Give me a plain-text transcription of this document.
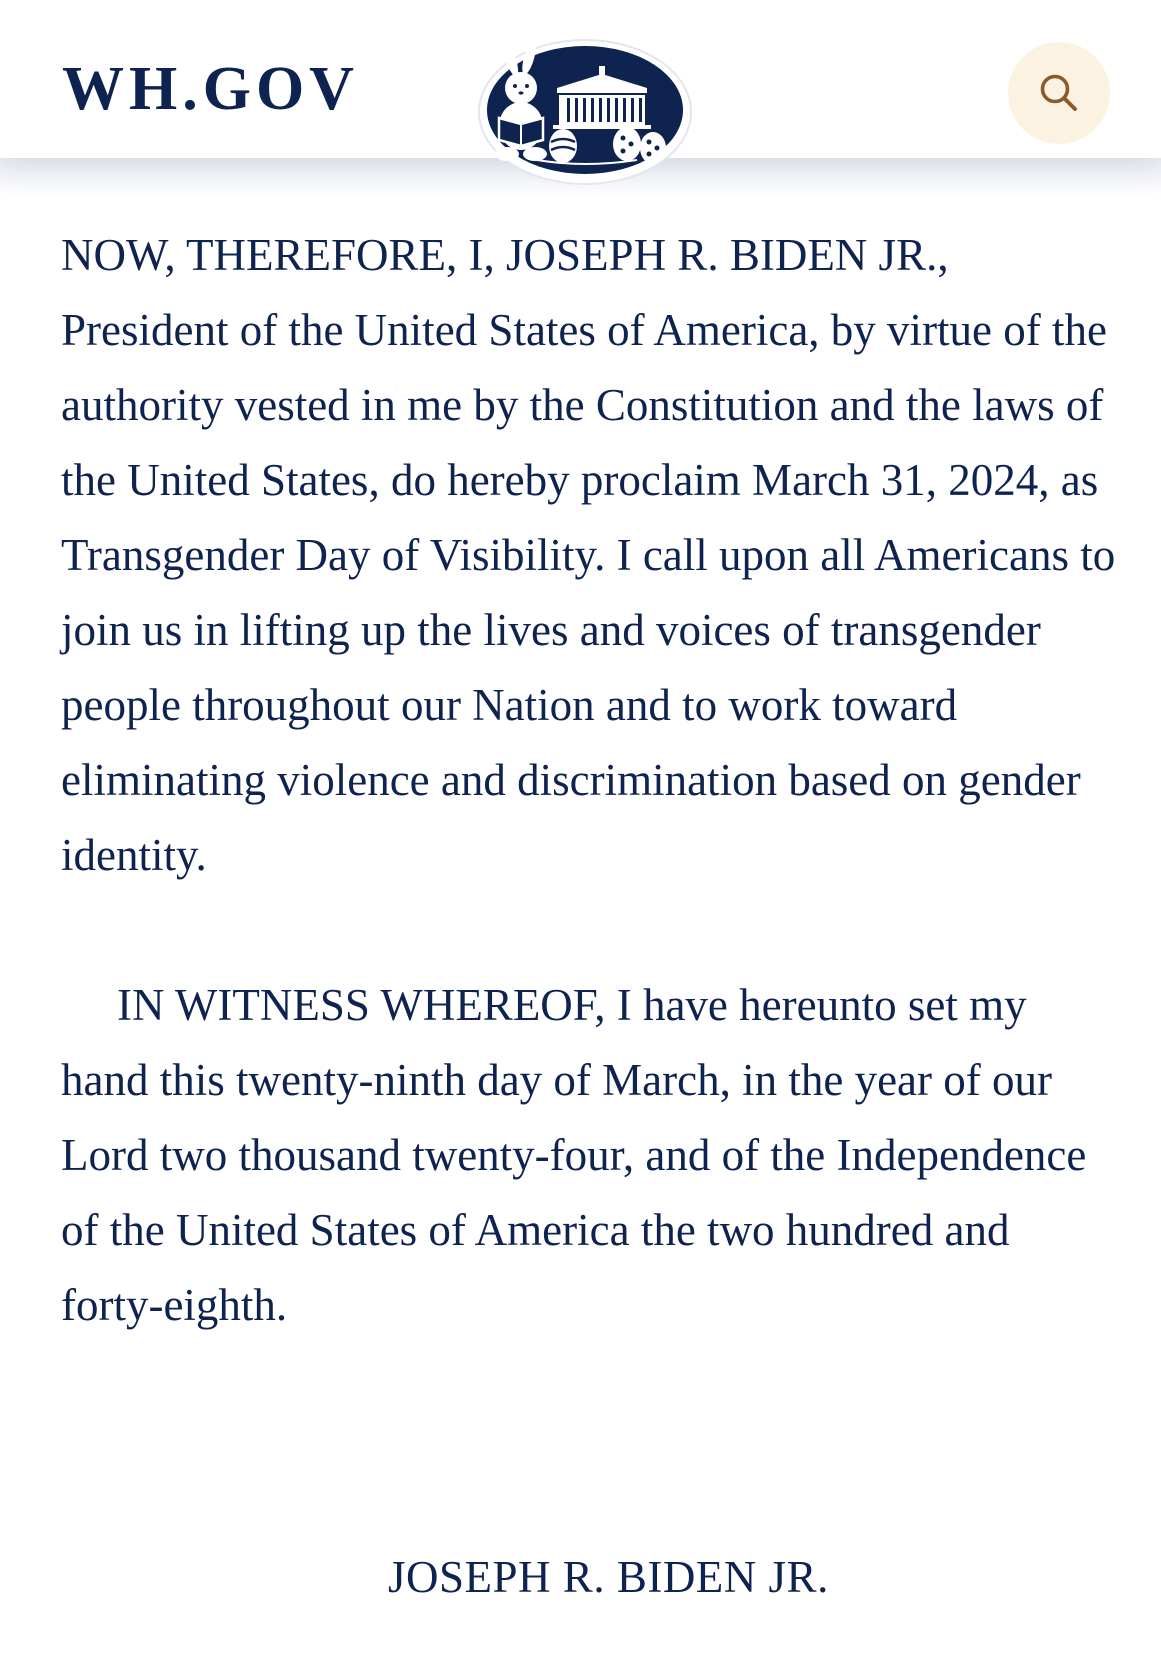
WH.GOV

NOW, THEREFORE, I, JOSEPH R. BIDEN JR., President of the United States of America, by virtue of the authority vested in me by the Constitution and the laws of the United States, do hereby proclaim March 31, 2024, as Transgender Day of Visibility. I call upon all Americans to join us in lifting up the lives and voices of transgender people throughout our Nation and to work toward eliminating violence and discrimination based on gender identity.

IN WITNESS WHEREOF, I have hereunto set my hand this twenty-ninth day of March, in the year of our Lord two thousand twenty-four, and of the Independence of the United States of America the two hundred and forty-eighth.

JOSEPH R. BIDEN JR.
